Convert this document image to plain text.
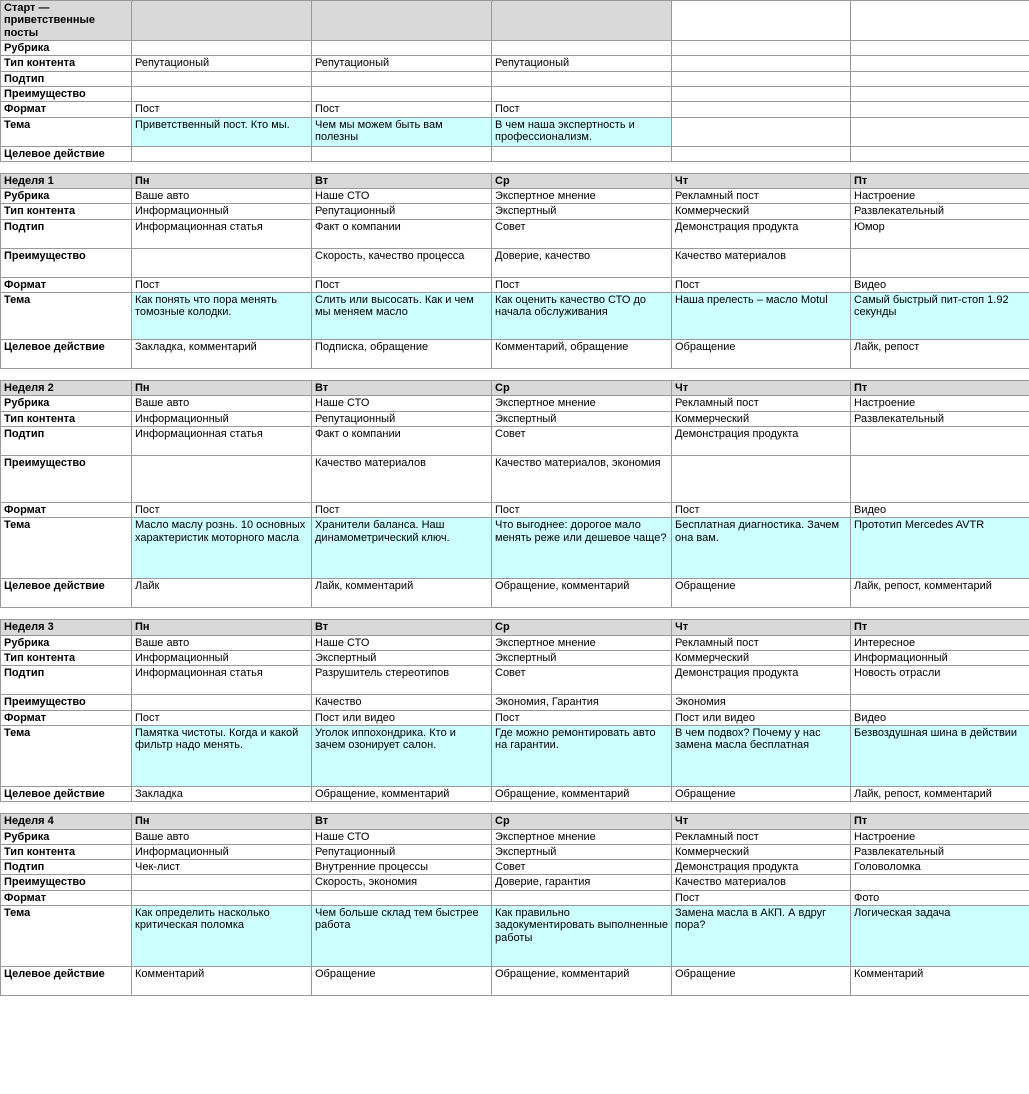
Старт — приветственные посты					
Рубрика					
Тип контента	Репутационый	Репутационый	Репутационый		
Подтип					
Преимущество					
Формат	Пост	Пост	Пост		
Тема	Приветственный пост. Кто мы.	Чем мы можем быть вам полезны	В чем наша экспертность и профессионализм.		
Целевое действие					

Неделя 1	Пн	Вт	Ср	Чт	Пт
Рубрика	Ваше авто	Наше СТО	Экспертное мнение	Рекламный пост	Настроение
Тип контента	Информационный	Репутационный	Экспертный	Коммерческий	Развлекательный
Подтип	Информационная статья	Факт о компании	Совет	Демонстрация продукта	Юмор
Преимущество		Скорость, качество процесса	Доверие, качество	Качество материалов	
Формат	Пост	Пост	Пост	Пост	Видео
Тема	Как понять что пора менять томозные колодки.	Слить или высосать. Как и чем мы меняем масло	Как оценить качество СТО до начала обслуживания	Наша прелесть – масло Motul	Самый быстрый пит-стоп 1.92 секунды
Целевое действие	Закладка, комментарий	Подписка, обращение	Комментарий, обращение	Обращение	Лайк, репост

Неделя 2	Пн	Вт	Ср	Чт	Пт
Рубрика	Ваше авто	Наше СТО	Экспертное мнение	Рекламный пост	Настроение
Тип контента	Информационный	Репутационный	Экспертный	Коммерческий	Развлекательный
Подтип	Информационная статья	Факт о компании	Совет	Демонстрация продукта	
Преимущество		Качество материалов	Качество материалов, экономия		
Формат	Пост	Пост	Пост	Пост	Видео
Тема	Масло маслу рознь. 10 основных характеристик моторного масла	Хранители баланса. Наш динамометрический ключ.	Что выгоднее: дорогое мало менять реже или дешевое чаще?	Бесплатная диагностика. Зачем она вам.	Прототип Mercedes AVTR
Целевое действие	Лайк	Лайк, комментарий	Обращение, комментарий	Обращение	Лайк, репост, комментарий

Неделя 3	Пн	Вт	Ср	Чт	Пт
Рубрика	Ваше авто	Наше СТО	Экспертное мнение	Рекламный пост	Интересное
Тип контента	Информационный	Экспертный	Экспертный	Коммерческий	Информационный
Подтип	Информационная статья	Разрушитель стереотипов	Совет	Демонстрация продукта	Новость отрасли
Преимущество		Качество	Экономия, Гарантия	Экономия	
Формат	Пост	Пост или видео	Пост	Пост или видео	Видео
Тема	Памятка чистоты. Когда и какой фильтр надо менять.	Уголок иппохондрика. Кто и зачем озонирует салон.	Где можно ремонтировать авто на гарантии.	В чем подвох? Почему у нас замена масла бесплатная	Безвоздушная шина в действии
Целевое действие	Закладка	Обращение, комментарий	Обращение, комментарий	Обращение	Лайк, репост, комментарий

Неделя 4	Пн	Вт	Ср	Чт	Пт
Рубрика	Ваше авто	Наше СТО	Экспертное мнение	Рекламный пост	Настроение
Тип контента	Информационный	Репутационный	Экспертный	Коммерческий	Развлекательный
Подтип	Чек-лист	Внутренние процессы	Совет	Демонстрация продукта	Головоломка
Преимущество		Скорость, экономия	Доверие, гарантия	Качество материалов	
Формат				Пост	Фото
Тема	Как определить насколько критическая поломка	Чем больше склад тем быстрее работа	Как правильно задокументировать выполненные работы	Замена масла в АКП. А вдруг пора?	Логическая задача
Целевое действие	Комментарий	Обращение	Обращение, комментарий	Обращение	Комментарий
